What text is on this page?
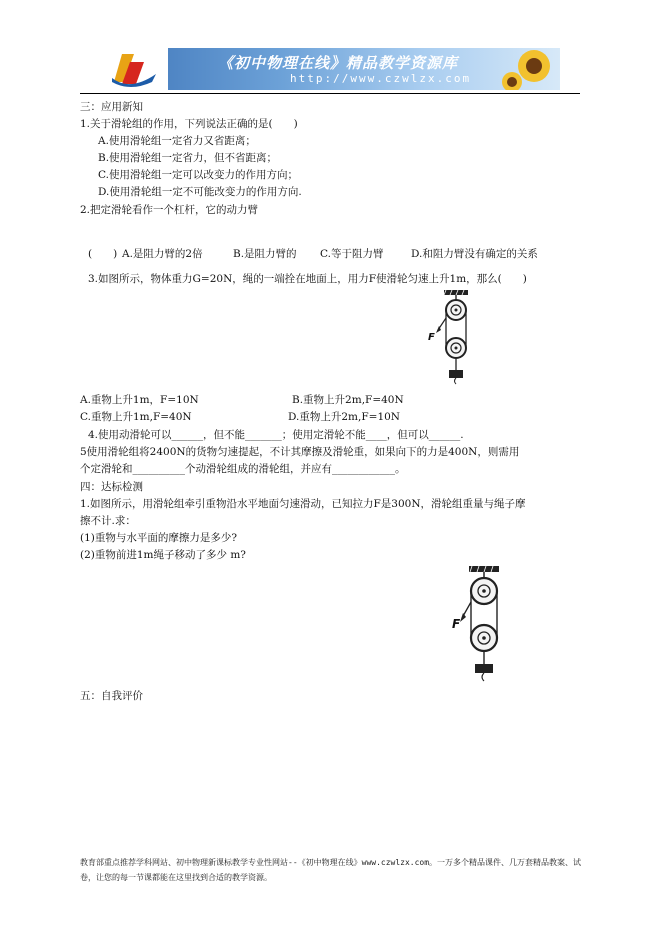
《初中物理在线》精品教学资源库
http://www.czwlzx.com
三：应用新知
1.关于滑轮组的作用，下列说法正确的是(　　)
A.使用滑轮组一定省力又省距离；
B.使用滑轮组一定省力，但不省距离；
C.使用滑轮组一定可以改变力的作用方向；
D.使用滑轮组一定不可能改变力的作用方向.
2.把定滑轮看作一个杠杆，它的动力臂
(　　) A.是阻力臂的2倍	B.是阻力臂的 C.等于阻力臂	D.和阻力臂没有确定的关系
3.如图所示，物体重力G=20N，绳的一端拴在地面上，用力F使滑轮匀速上升1m，那么(　　)
F
A.重物上升1m，F=10N	B.重物上升2m,F=40N
C.重物上升1m,F=40N	D.重物上升2m,F=10N
4.使用动滑轮可以______，但不能_______；使用定滑轮不能____，但可以______.
5使用滑轮组将2400N的货物匀速提起，不计其摩擦及滑轮重，如果向下的力是400N，则需用
个定滑轮和__________个动滑轮组成的滑轮组，并应有____________。
四：达标检测
1.如图所示，用滑轮组牵引重物沿水平地面匀速滑动，已知拉力F是300N，滑轮组重量与绳子摩
擦不计.求：
(1)重物与水平面的摩擦力是多少?
(2)重物前进1m绳子移动了多少 m?
F
五：自我评价
教育部重点推荐学科网站、初中物理新课标教学专业性网站--《初中物理在线》www.czwlzx.com。一万多个精品课件、几万套精品教案、试卷，让您的每一节课都能在这里找到合适的教学资源。
